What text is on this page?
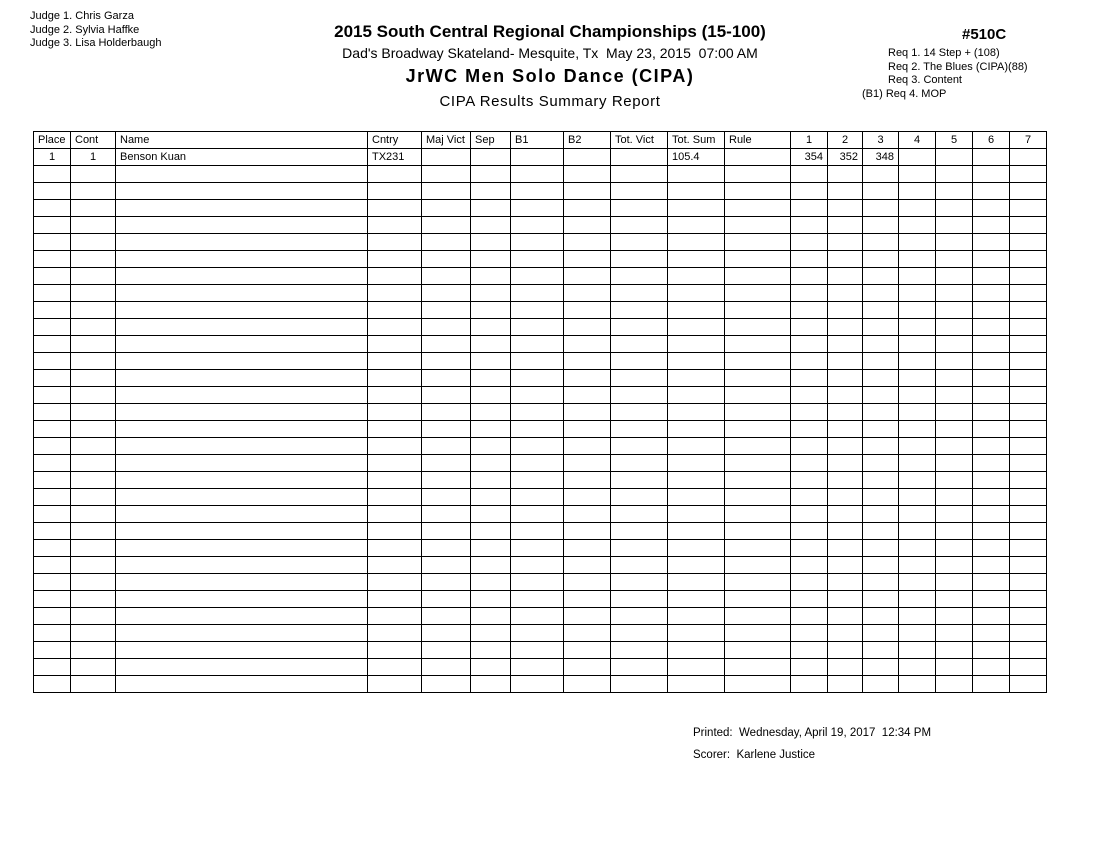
Judge 1. Chris Garza
Judge 2. Sylvia Haffke
Judge 3. Lisa Holderbaugh
2015 South Central Regional Championships (15-100)
Dad's Broadway Skateland- Mesquite, Tx  May 23, 2015  07:00 AM
JrWC Men Solo Dance (CIPA)
CIPA Results Summary Report
#510C
Req 1. 14 Step + (108)
Req 2. The Blues (CIPA)(88)
Req 3. Content
(B1) Req 4. MOP
Place	Cont	Name	Cntry	Maj Vict	Sep	B1	B2	Tot. Vict	Tot. Sum	Rule	1	2	3	4	5	6	7
1	1	Benson Kuan	TX231						105.4		354	352	348				

Printed:  Wednesday, April 19, 2017  12:34 PM
Scorer:  Karlene Justice
